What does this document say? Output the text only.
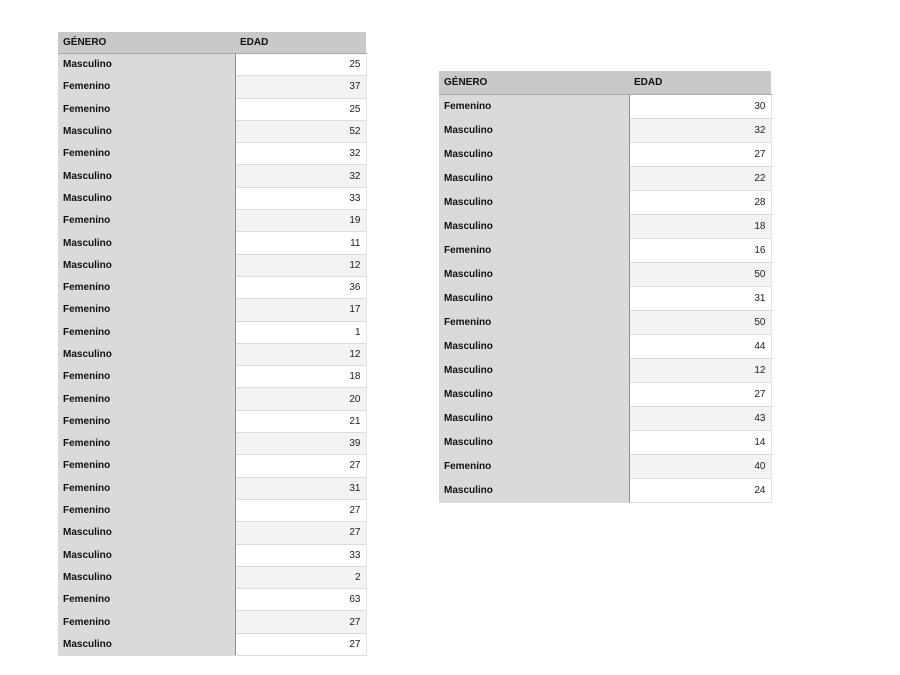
GÉNERO	EDAD
Masculino	25
Femenino	37
Femenino	25
Masculino	52
Femenino	32
Masculino	32
Masculino	33
Femenino	19
Masculino	11
Masculino	12
Femenino	36
Femenino	17
Femenino	1
Masculino	12
Femenino	18
Femenino	20
Femenino	21
Femenino	39
Femenino	27
Femenino	31
Femenino	27
Masculino	27
Masculino	33
Masculino	2
Femenino	63
Femenino	27
Masculino	27
GÉNERO	EDAD
Femenino	30
Masculino	32
Masculino	27
Masculino	22
Masculino	28
Masculino	18
Femenino	16
Masculino	50
Masculino	31
Femenino	50
Masculino	44
Masculino	12
Masculino	27
Masculino	43
Masculino	14
Femenino	40
Masculino	24
